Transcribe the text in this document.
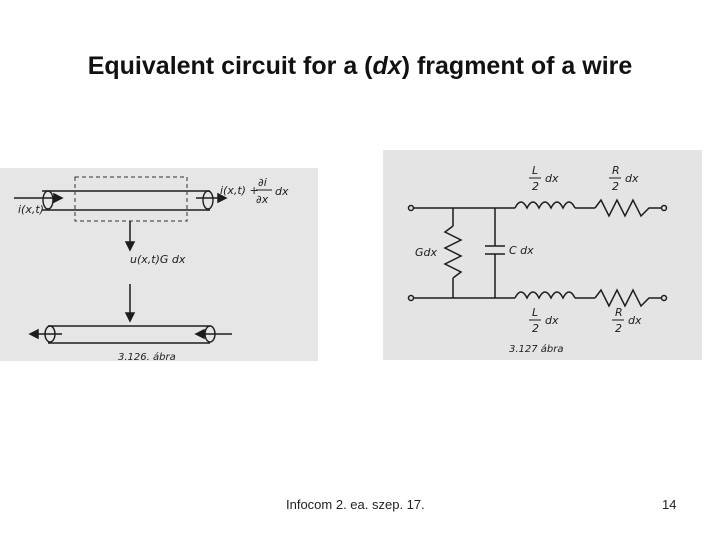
Equivalent circuit for a (dx) fragment of a wire
i(x,t)
i(x,t) +
∂i
∂x
dx
u(x,t)G dx
3.126. ábra
L
2
dx
R
2
dx
Gdx	C dx
L
2
dx
R
2
dx
3.127 ábra
Infocom 2. ea. szep. 17.	14
